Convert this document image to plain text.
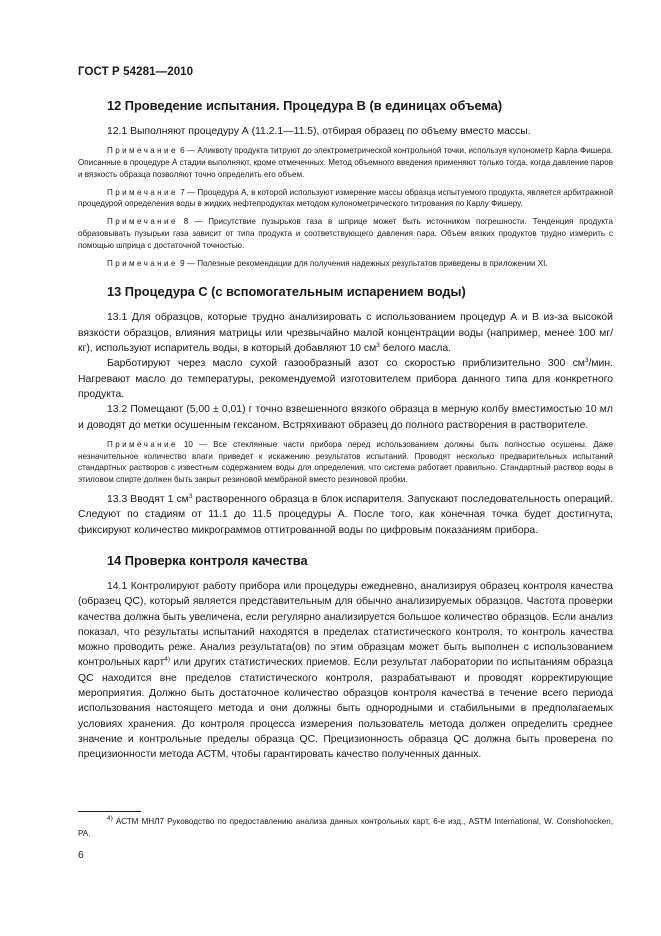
ГОСТ Р 54281—2010
12 Проведение испытания. Процедура В (в единицах объема)

12.1 Выполняют процедуру А (11.2.1—11.5), отбирая образец по объему вместо массы.

Примечание 6 — Аликвоту продукта титруют до электрометрической контрольной точки, используя кулонометр Карла Фишера. Описанные в процедуре А стадии выполняют, кроме отмеченных. Метод объемного введения применяют только тогда, когда давление паров и вязкость образца позволяют точно определить его объем.

Примечание 7 — Процедура А, в которой используют измерение массы образца испытуемого продукта, является арбитражной процедурой определения воды в жидких нефтепродуктах методом кулонометрического титрования по Карлу Фишеру.

Примечание 8 — Присутствие пузырьков газа в шприце может быть источником погрешности. Тенденция продукта образовывать пузырьки газа зависит от типа продукта и соответствующего давления пара. Объем вязких продуктов трудно измерить с помощью шприца с достаточной точностью.

Примечание 9 — Полезные рекомендации для получения надежных результатов приведены в приложении XI.

13 Процедура С (с вспомогательным испарением воды)

13.1 Для образцов, которые трудно анализировать с использованием процедур А и В из-за высокой вязкости образцов, влияния матрицы или чрезвычайно малой концентрации воды (например, менее 100 мг/кг), используют испаритель воды, в который добавляют 10 $см^3$ белого масла.

Барботируют через масло сухой газообразный азот со скоростью приблизительно 300 $см^3$/мин. Нагревают масло до температуры, рекомендуемой изготовителем прибора данного типа для конкретного продукта.

13.2 Помещают (5,00 ± 0,01) г точно взвешенного вязкого образца в мерную колбу вместимостью 10 мл и доводят до метки осушенным гексаном. Встряхивают образец до полного растворения в растворителе.

Примечание 10 — Все стеклянные части прибора перед использованием должны быть полностью осушены. Даже незначительное количество влаги приведет к искажению результатов испытаний. Проводят несколько предварительных испытаний стандартных растворов с известным содержанием воды для определения, что система работает правильно. Стандартный раствор воды в этиловом спирте должен быть закрыт резиновой мембраной вместо резиновой пробки.

13.3 Вводят 1 $см^3$ растворенного образца в блок испарителя. Запускают последовательность операций. Следуют по стадиям от 11.1 до 11.5 процедуры А. После того, как конечная точка будет достигнута, фиксируют количество микрограммов оттитрованной воды по цифровым показаниям прибора.

14 Проверка контроля качества

14.1 Контролируют работу прибора или процедуры ежедневно, анализируя образец контроля качества (образец QC), который является представительным для обычно анализируемых образцов. Частота проверки качества должна быть увеличена, если регулярно анализируется большое количество образцов. Если анализ показал, что результаты испытаний находятся в пределах статистического контроля, то контроль качества можно проводить реже. Анализ результата(ов) по этим образцам может быть выполнен с использованием контрольных карт$^{4)}$ или других статистических приемов. Если результат лаборатории по испытаниям образца QC находится вне пределов статистического контроля, разрабатывают и проводят корректирующие мероприятия. Должно быть достаточное количество образцов контроля качества в течение всего периода использования настоящего метода и они должны быть однородными и стабильными в предполагаемых условиях хранения. До контроля процесса измерения пользователь метода должен определить среднее значение и контрольные пределы образца QC. Прецизионность образца QC должна быть проверена по прецизионности метода АСТМ, чтобы гарантировать качество полученных данных.

$^{4)}$ АСТМ МНЛ7 Руководство по предоставлению анализа данных контрольных карт, 6-е изд., ASTM International, W. Conshohocken, PA.

6
